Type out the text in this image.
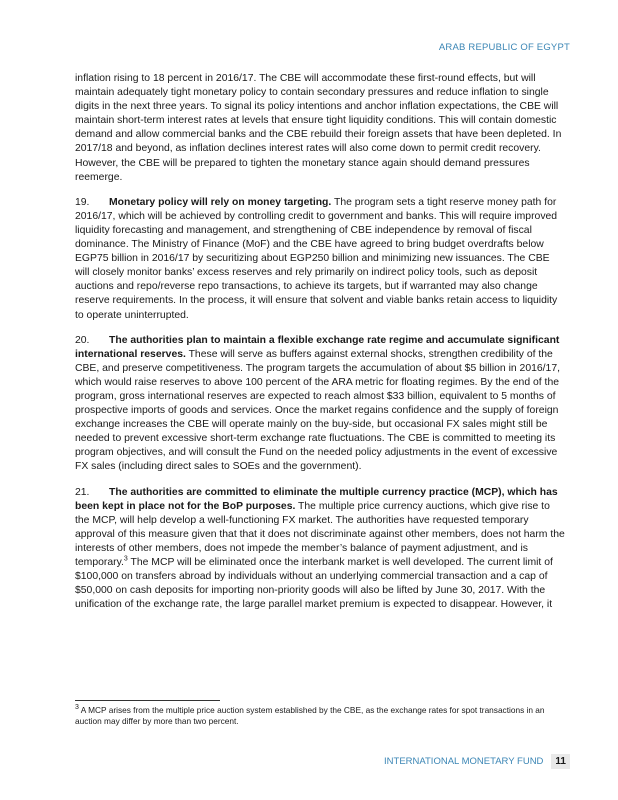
ARAB REPUBLIC OF EGYPT

inflation rising to 18 percent in 2016/17. The CBE will accommodate these first-round effects, but will maintain adequately tight monetary policy to contain secondary pressures and reduce inflation to single digits in the next three years. To signal its policy intentions and anchor inflation expectations, the CBE will maintain short-term interest rates at levels that ensure tight liquidity conditions. This will contain domestic demand and allow commercial banks and the CBE rebuild their foreign assets that have been depleted. In 2017/18 and beyond, as inflation declines interest rates will also come down to permit credit recovery. However, the CBE will be prepared to tighten the monetary stance again should demand pressures reemerge.

19. Monetary policy will rely on money targeting. The program sets a tight reserve money path for 2016/17, which will be achieved by controlling credit to government and banks. This will require improved liquidity forecasting and management, and strengthening of CBE independence by removal of fiscal dominance. The Ministry of Finance (MoF) and the CBE have agreed to bring budget overdrafts below EGP75 billion in 2016/17 by securitizing about EGP250 billion and minimizing new issuances. The CBE will closely monitor banks’ excess reserves and rely primarily on indirect policy tools, such as deposit auctions and repo/reverse repo transactions, to achieve its targets, but if warranted may also change reserve requirements. In the process, it will ensure that solvent and viable banks retain access to liquidity to operate uninterrupted.

20. The authorities plan to maintain a flexible exchange rate regime and accumulate significant international reserves. These will serve as buffers against external shocks, strengthen credibility of the CBE, and preserve competitiveness. The program targets the accumulation of about $5 billion in 2016/17, which would raise reserves to above 100 percent of the ARA metric for floating regimes. By the end of the program, gross international reserves are expected to reach almost $33 billion, equivalent to 5 months of prospective imports of goods and services. Once the market regains confidence and the supply of foreign exchange increases the CBE will operate mainly on the buy-side, but occasional FX sales might still be needed to prevent excessive short-term exchange rate fluctuations. The CBE is committed to meeting its program objectives, and will consult the Fund on the needed policy adjustments in the event of excessive FX sales (including direct sales to SOEs and the government).

21. The authorities are committed to eliminate the multiple currency practice (MCP), which has been kept in place not for the BoP purposes. The multiple price currency auctions, which give rise to the MCP, will help develop a well-functioning FX market. The authorities have requested temporary approval of this measure given that that it does not discriminate against other members, does not harm the interests of other members, does not impede the member’s balance of payment adjustment, and is temporary.$^3$ The MCP will be eliminated once the interbank market is well developed. The current limit of $100,000 on transfers abroad by individuals without an underlying commercial transaction and a cap of $50,000 on cash deposits for importing non-priority goods will also be lifted by June 30, 2017. With the unification of the exchange rate, the large parallel market premium is expected to disappear. However, it

$^3$ A MCP arises from the multiple price auction system established by the CBE, as the exchange rates for spot transactions in an auction may differ by more than two percent.
INTERNATIONAL MONETARY FUND	11
